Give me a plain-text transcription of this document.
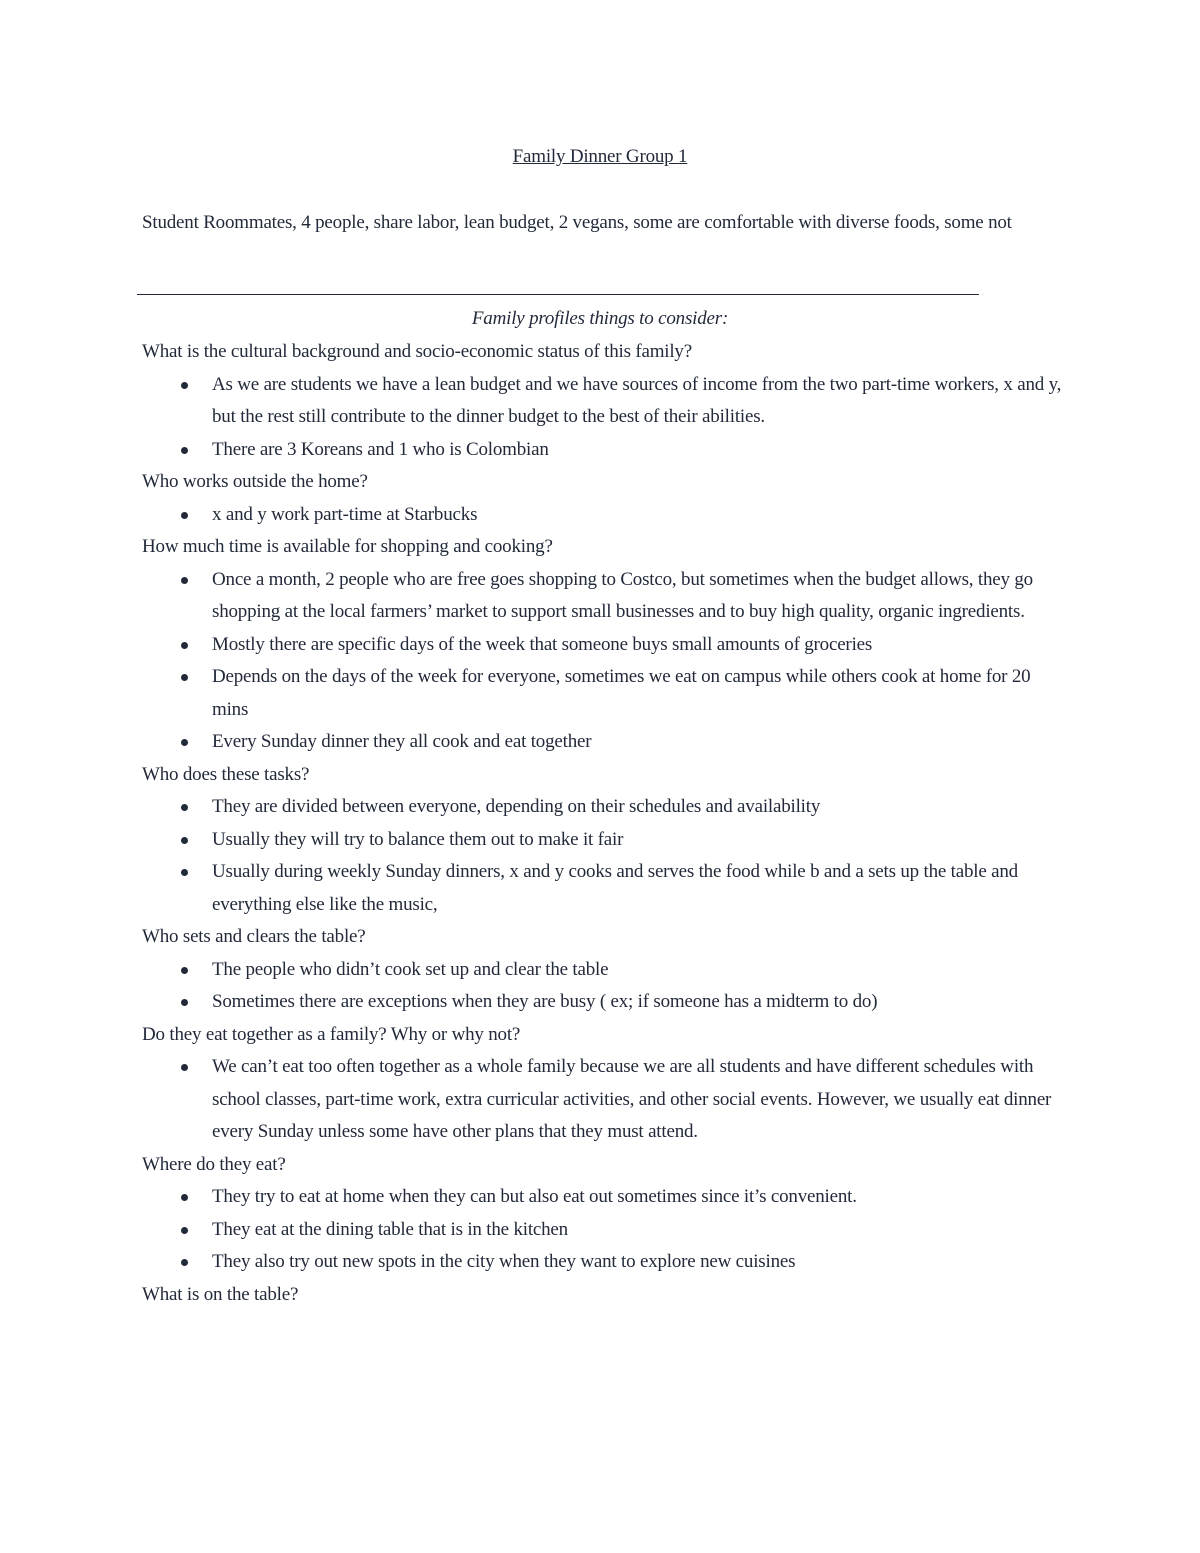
Family Dinner Group 1
Student Roommates, 4 people, share labor, lean budget, 2 vegans, some are comfortable with diverse foods, some not
Family profiles things to consider:
What is the cultural background and socio-economic status of this family?
As we are students we have a lean budget and we have sources of income from the two part-time workers, x and y, but the rest still contribute to the dinner budget to the best of their abilities.
There are 3 Koreans and 1 who is Colombian
Who works outside the home?
x and y work part-time at Starbucks
How much time is available for shopping and cooking?
Once a month, 2 people who are free goes shopping to Costco, but sometimes when the budget allows, they go shopping at the local farmers’ market to support small businesses and to buy high quality, organic ingredients.
Mostly there are specific days of the week that someone buys small amounts of groceries
Depends on the days of the week for everyone, sometimes we eat on campus while others cook at home for 20 mins
Every Sunday dinner they all cook and eat together
Who does these tasks?
They are divided between everyone, depending on their schedules and availability
Usually they will try to balance them out to make it fair
Usually during weekly Sunday dinners, x and y cooks and serves the food while b and a sets up the table and everything else like the music,
Who sets and clears the table?
The people who didn’t cook set up and clear the table
Sometimes there are exceptions when they are busy ( ex; if someone has a midterm to do)
Do they eat together as a family? Why or why not?
We can’t eat too often together as a whole family because we are all students and have different schedules with school classes, part-time work, extra curricular activities, and other social events. However, we usually eat dinner every Sunday unless some have other plans that they must attend.
Where do they eat?
They try to eat at home when they can but also eat out sometimes since it’s convenient.
They eat at the dining table that is in the kitchen
They also try out new spots in the city when they want to explore new cuisines
What is on the table?
